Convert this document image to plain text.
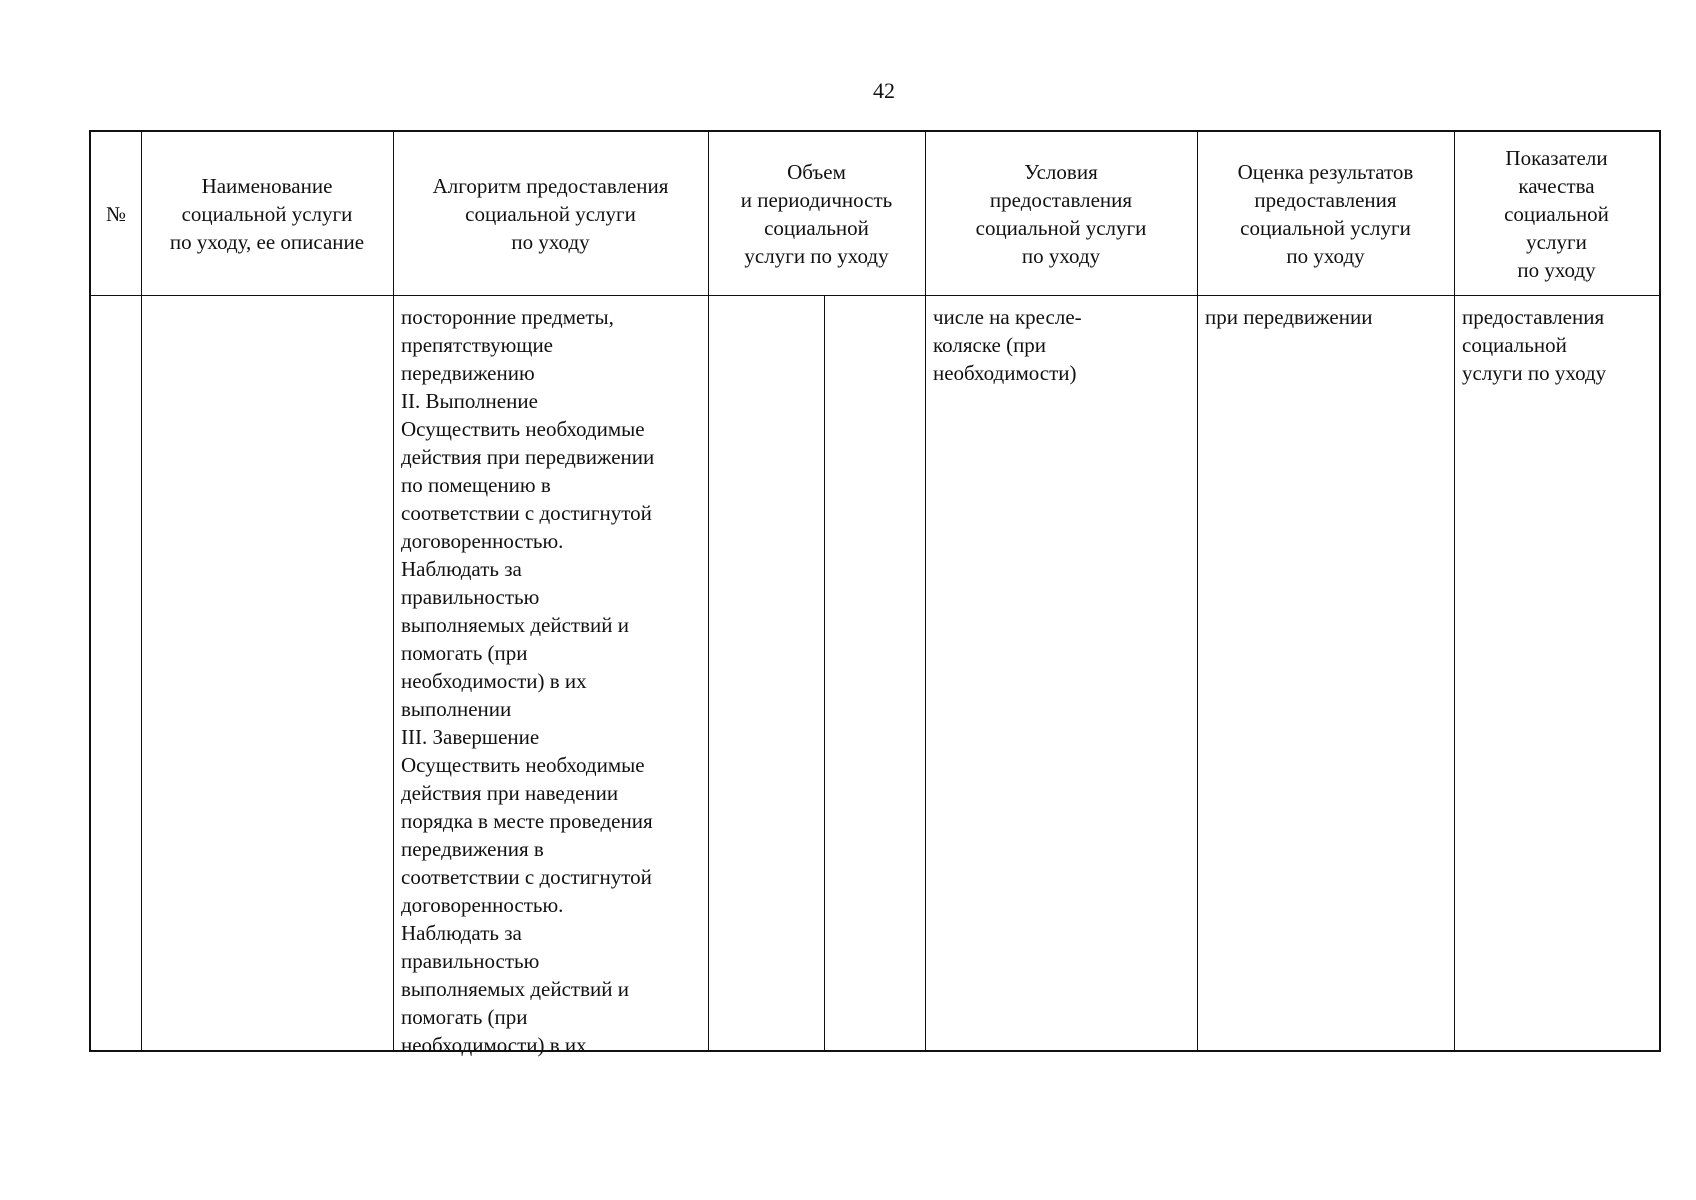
42
№
Наименование
социальной услуги
по уходу, ее описание
Алгоритм предоставления
социальной услуги
по уходу
Объем
и периодичность
социальной
услуги по уходу
Условия
предоставления
социальной услуги
по уходу
Оценка результатов
предоставления
социальной услуги
по уходу
Показатели
качества
социальной
услуги
по уходу
посторонние предметы,
препятствующие
передвижению
II. Выполнение
Осуществить необходимые
действия при передвижении
по помещению в
соответствии с достигнутой
договоренностью.
Наблюдать за
правильностью
выполняемых действий и
помогать (при
необходимости) в их
выполнении
III. Завершение
Осуществить необходимые
действия при наведении
порядка в месте проведения
передвижения в
соответствии с достигнутой
договоренностью.
Наблюдать за
правильностью
выполняемых действий и
помогать (при
необходимости) в их
числе на кресле-
коляске (при
необходимости)
при передвижении	предоставления
социальной
услуги по уходу
